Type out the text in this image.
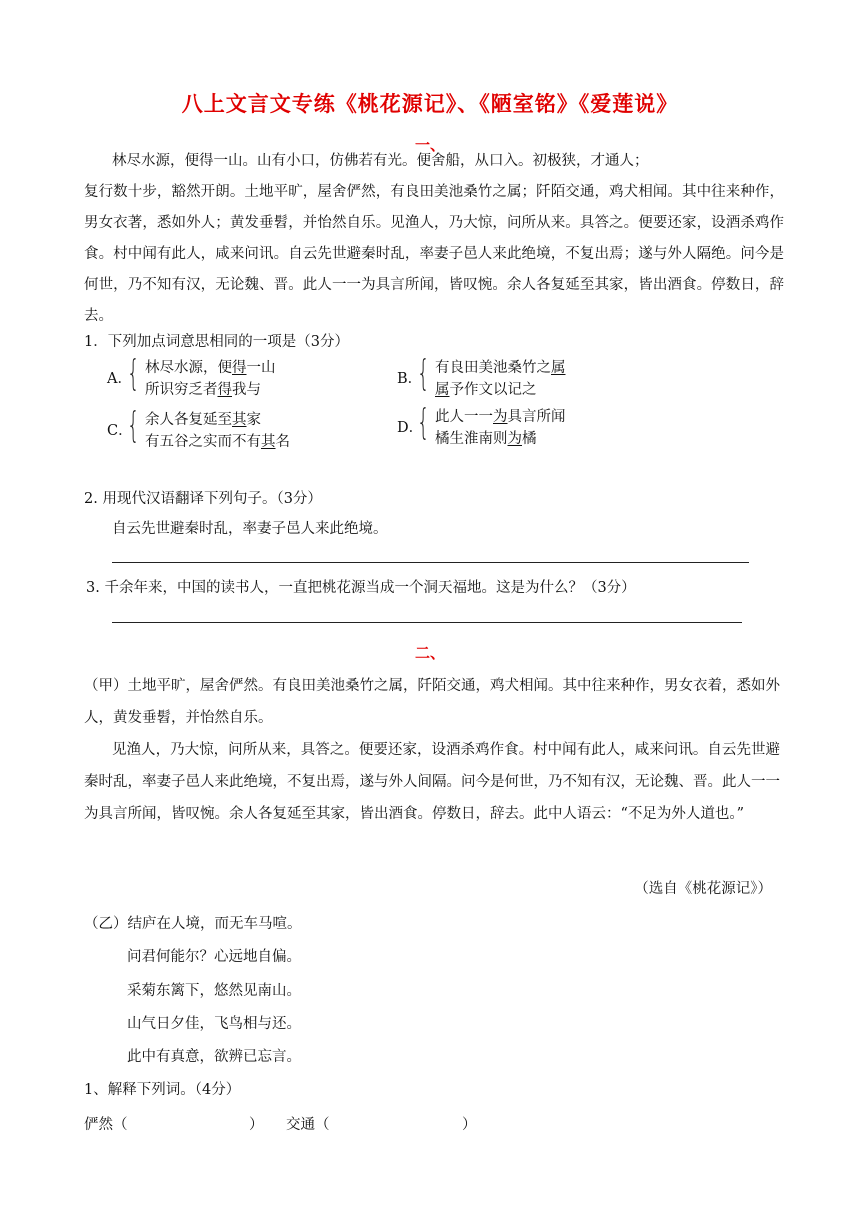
八上文言文专练《桃花源记》、《陋室铭》《爱莲说》
一、
林尽水源，便得一山。山有小口，仿佛若有光。便舍船，从口入。初极狭，才通人；
复行数十步，豁然开朗。土地平旷，屋舍俨然，有良田美池桑竹之属；阡陌交通，鸡犬相闻。其中往来种作，男女衣著，悉如外人；黄发垂髫，并怡然自乐。见渔人，乃大惊，问所从来。具答之。便要还家，设酒杀鸡作食。村中闻有此人，咸来问讯。自云先世避秦时乱，率妻子邑人来此绝境，不复出焉；遂与外人隔绝。问今是何世，乃不知有汉，无论魏、晋。此人一一为具言所闻，皆叹惋。余人各复延至其家，皆出酒食。停数日，辞去。
1．下列加点词意思相同的一项是（3分）
A．
{ 林尽水源，便得一山
所识穷乏者得我与
B．
{ 有良田美池桑竹之属
属予作文以记之
C．
{ 余人各复延至其家
有五谷之实而不有其名
D．
{ 此人一一为具言所闻
橘生淮南则为橘
2. 用现代汉语翻译下列句子。（3分）
自云先世避秦时乱，率妻子邑人来此绝境。
3. 千余年来，中国的读书人，一直把桃花源当成一个洞天福地。这是为什么？（3分）
二、
（甲）土地平旷，屋舍俨然。有良田美池桑竹之属，阡陌交通，鸡犬相闻。其中往来种作，男女衣着，悉如外人，黄发垂髫，并怡然自乐。
见渔人，乃大惊，问所从来，具答之。便要还家，设酒杀鸡作食。村中闻有此人，咸来问讯。自云先世避秦时乱，率妻子邑人来此绝境，不复出焉，遂与外人间隔。问今是何世，乃不知有汉，无论魏、晋。此人一一为具言所闻，皆叹惋。余人各复延至其家，皆出酒食。停数日，辞去。此中人语云：“不足为外人道也。”
（选自《桃花源记》）
（乙）结庐在人境，而无车马喧。
问君何能尔？心远地自偏。
采菊东篱下，悠然见南山。
山气日夕佳，飞鸟相与还。
此中有真意，欲辨已忘言。
1、解释下列词。（4分）
俨然（	） 交通（	）
